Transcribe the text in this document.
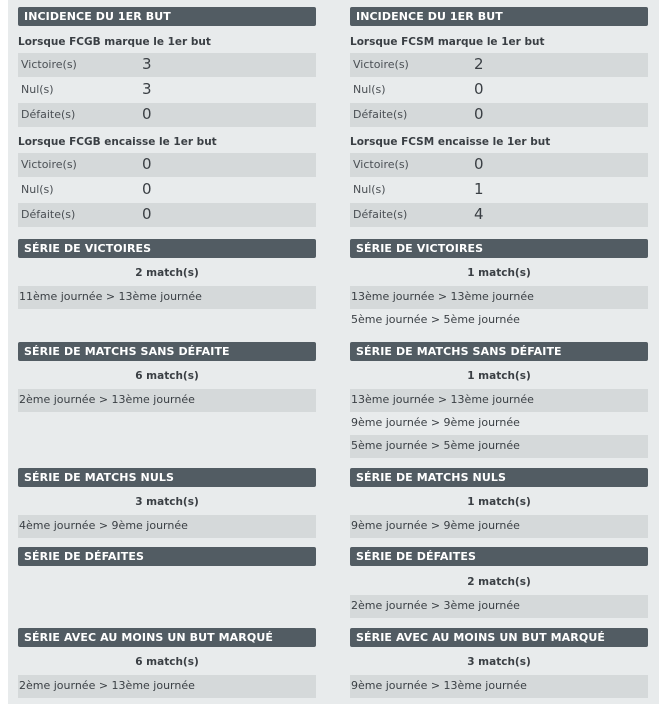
INCIDENCE DU 1ER BUT
Lorsque FCGB marque le 1er but
Victoire(s)	3
Nul(s)	3
Défaite(s)	0
Lorsque FCGB encaisse le 1er but
Victoire(s)	0
Nul(s)	0
Défaite(s)	0
SÉRIE DE VICTOIRES
2 match(s)
11ème journée > 13ème journée
SÉRIE DE MATCHS SANS DÉFAITE
6 match(s)
2ème journée > 13ème journée
SÉRIE DE MATCHS NULS
3 match(s)
4ème journée > 9ème journée
SÉRIE DE DÉFAITES
SÉRIE AVEC AU MOINS UN BUT MARQUÉ
6 match(s)
2ème journée > 13ème journée
INCIDENCE DU 1ER BUT
Lorsque FCSM marque le 1er but
Victoire(s)	2
Nul(s)	0
Défaite(s)	0
Lorsque FCSM encaisse le 1er but
Victoire(s)	0
Nul(s)	1
Défaite(s)	4
SÉRIE DE VICTOIRES
1 match(s)
13ème journée > 13ème journée
5ème journée > 5ème journée
SÉRIE DE MATCHS SANS DÉFAITE
1 match(s)
13ème journée > 13ème journée
9ème journée > 9ème journée
5ème journée > 5ème journée
SÉRIE DE MATCHS NULS
1 match(s)
9ème journée > 9ème journée
SÉRIE DE DÉFAITES
2 match(s)
2ème journée > 3ème journée
SÉRIE AVEC AU MOINS UN BUT MARQUÉ
3 match(s)
9ème journée > 13ème journée
